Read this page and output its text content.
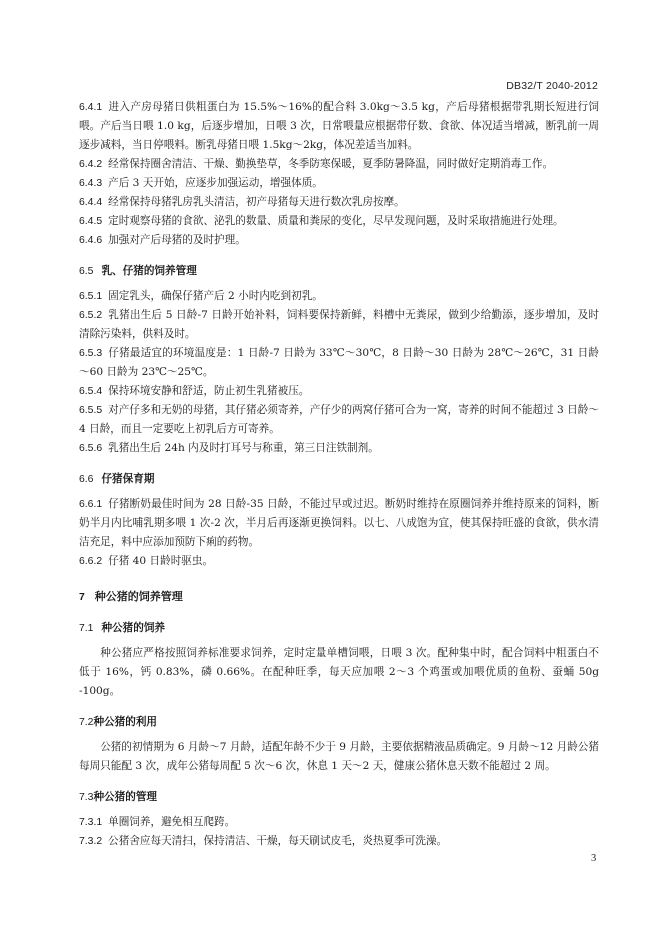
DB32/T 2040-2012

6.4.1 进入产房母猪日供粗蛋白为 15.5%～16%的配合料 3.0kg～3.5 kg，产后母猪根据带乳期长短进行饲喂。产后当日喂 1.0 kg，后逐步增加，日喂 3 次，日常喂量应根据带仔数、食欲、体况适当增减，断乳前一周逐步减料，当日停喂料。断乳母猪日喂 1.5kg～2kg，体况差适当加料。

6.4.2 经常保持圈舍清洁、干燥、勤换垫草，冬季防寒保暖，夏季防暑降温，同时做好定期消毒工作。

6.4.3 产后 3 天开始，应逐步加强运动，增强体质。

6.4.4 经常保持母猪乳房乳头清洁，初产母猪每天进行数次乳房按摩。

6.4.5 定时观察母猪的食欲、泌乳的数量、质量和粪尿的变化，尽早发现问题，及时采取措施进行处理。

6.4.6 加强对产后母猪的及时护理。

6.5 乳、仔猪的饲养管理

6.5.1 固定乳头，确保仔猪产后 2 小时内吃到初乳。

6.5.2 乳猪出生后 5 日龄-7 日龄开始补料，饲料要保持新鲜，料槽中无粪尿，做到少给勤添，逐步增加，及时清除污染料，供料及时。

6.5.3 仔猪最适宜的环境温度是：1 日龄-7 日龄为 33℃～30℃，8 日龄～30 日龄为 28℃～26℃，31 日龄～60 日龄为 23℃～25℃。

6.5.4 保持环境安静和舒适，防止初生乳猪被压。

6.5.5 对产仔多和无奶的母猪，其仔猪必须寄养，产仔少的两窝仔猪可合为一窝，寄养的时间不能超过 3 日龄～4 日龄，而且一定要吃上初乳后方可寄养。

6.5.6 乳猪出生后 24h 内及时打耳号与称重，第三日注铁制剂。

6.6 仔猪保育期

6.6.1 仔猪断奶最佳时间为 28 日龄-35 日龄，不能过早或过迟。断奶时维持在原圈饲养并维持原来的饲料，断奶半月内比哺乳期多喂 1 次-2 次，半月后再逐渐更换饲料。以七、八成饱为宜，使其保持旺盛的食欲，供水清洁充足，料中应添加预防下痢的药物。

6.6.2 仔猪 40 日龄时驱虫。

7 种公猪的饲养管理
7.1 种公猪的饲养

种公猪应严格按照饲养标准要求饲养，定时定量单槽饲喂，日喂 3 次。配种集中时，配合饲料中粗蛋白不低于 16%，钙 0.83%，磷 0.66%。在配种旺季，每天应加喂 2～3 个鸡蛋或加喂优质的鱼粉、蚕蛹 50g -100g。

7.2种公猪的利用

公猪的初情期为 6 月龄～7 月龄，适配年龄不少于 9 月龄，主要依据精液品质确定。9 月龄～12 月龄公猪每周只能配 3 次，成年公猪每周配 5 次～6 次，休息 1 天～2 天，健康公猪休息天数不能超过 2 周。

7.3种公猪的管理

7.3.1 单圈饲养，避免相互爬跨。

7.3.2 公猪舍应每天清扫，保持清洁、干燥，每天刷试皮毛，炎热夏季可洗澡。

3
